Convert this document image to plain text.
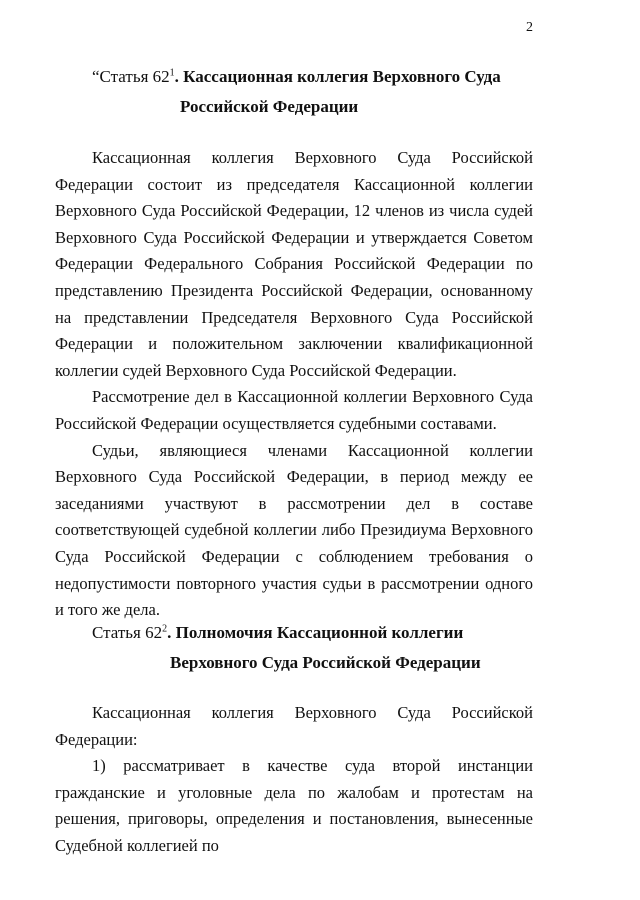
2
“Статья $62^1$. Кассационная коллегия Верховного Суда
Российской Федерации

Кассационная коллегия Верховного Суда Российской Федерации состоит из председателя Кассационной коллегии Верховного Суда Российской Федерации, 12 членов из числа судей Верховного Суда Российской Федерации и утверждается Советом Федерации Федерального Собрания Российской Федерации по представлению Президента Российской Федерации, основанному на представлении Председателя Верховного Суда Российской Федерации и положительном заключении квалификационной коллегии судей Верховного Суда Российской Федерации.

Рассмотрение дел в Кассационной коллегии Верховного Суда Российской Федерации осуществляется судебными составами.

Судьи, являющиеся членами Кассационной коллегии Верховного Суда Российской Федерации, в период между ее заседаниями участвуют в рассмотрении дел в составе соответствующей судебной коллегии либо Президиума Верховного Суда Российской Федерации с соблюдением требования о недопустимости повторного участия судьи в рассмотрении одного и того же дела.

Статья $62^2$. Полномочия Кассационной коллегии
Верховного Суда Российской Федерации

Кассационная коллегия Верховного Суда Российской Федерации:

1) рассматривает в качестве суда второй инстанции гражданские и уголовные дела по жалобам и протестам на решения, приговоры, определения и постановления, вынесенные Судебной коллегией по
